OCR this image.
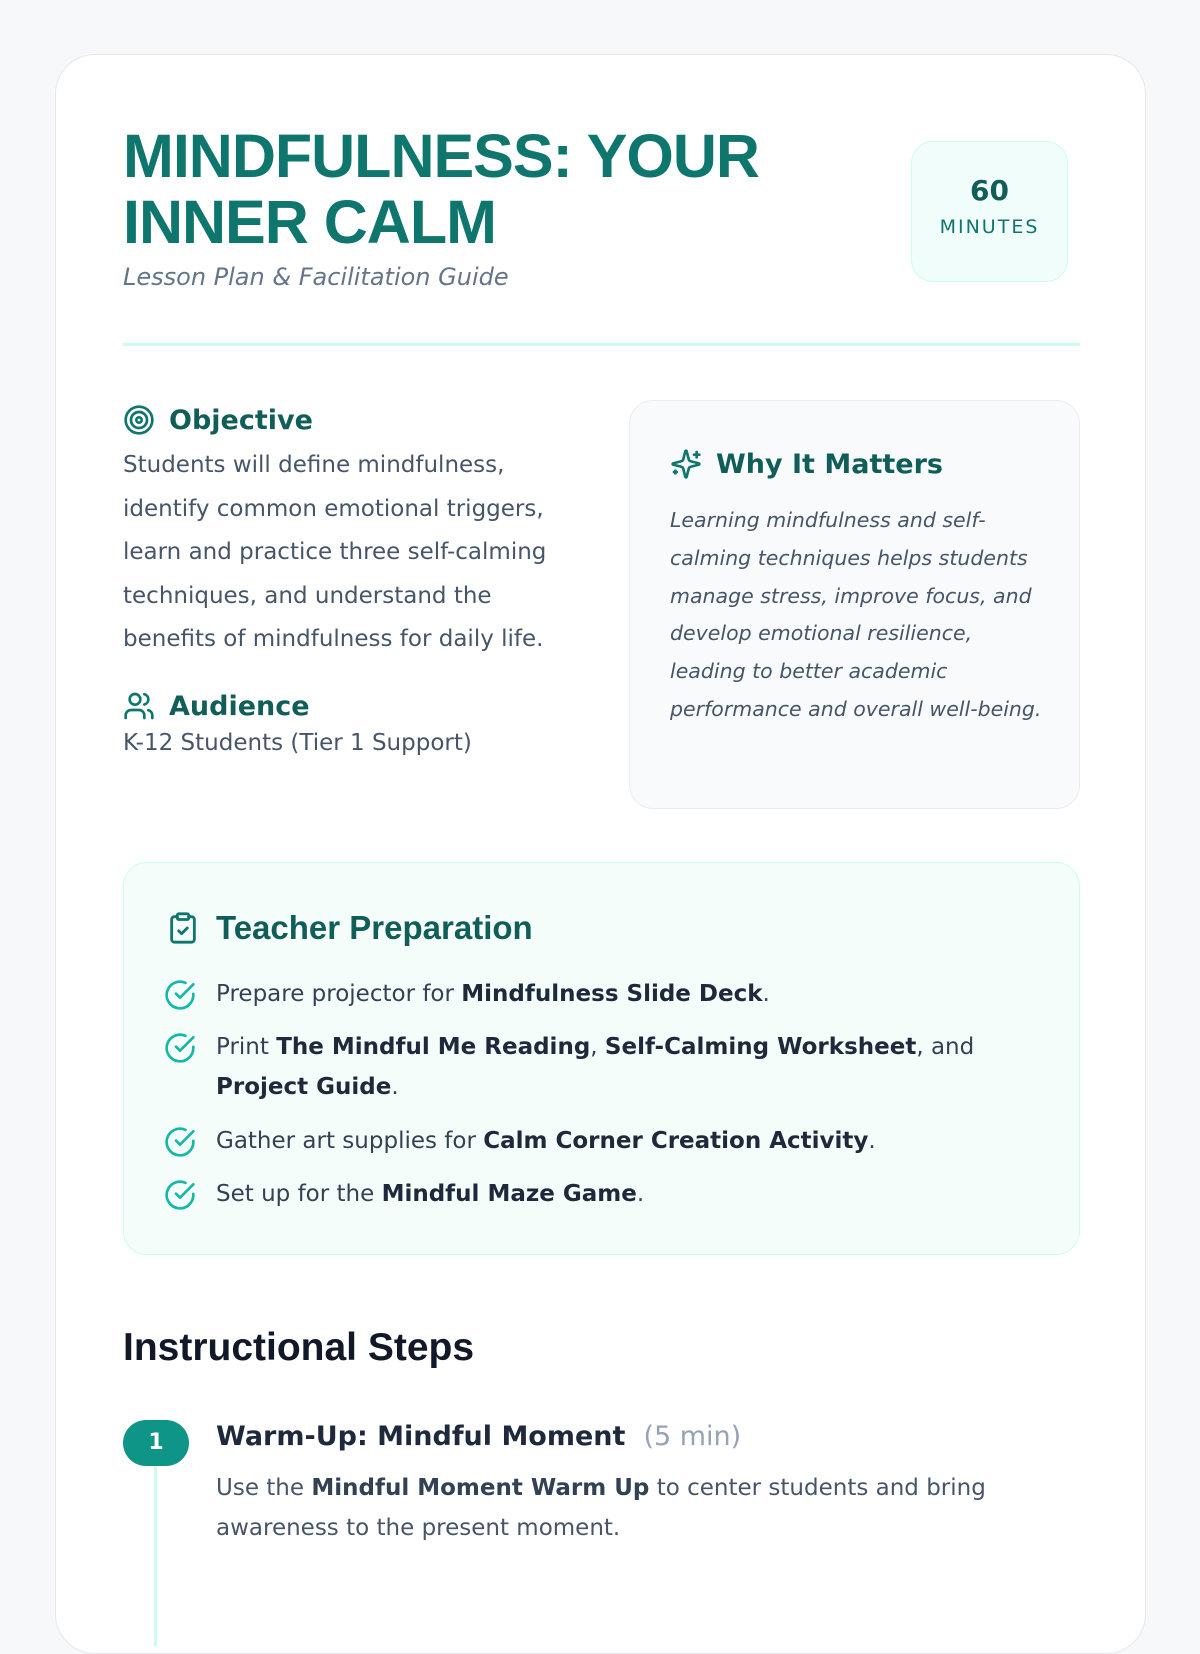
MINDFULNESS: YOUR INNER CALM
Lesson Plan & Facilitation Guide
60
MINUTES
Objective

Students will define mindfulness, identify common emotional triggers, learn and practice three self-calming techniques, and understand the benefits of mindfulness for daily life.

Audience

K-12 Students (Tier 1 Support)

Why It Matters

Learning mindfulness and self-calming techniques helps students manage stress, improve focus, and develop emotional resilience, leading to better academic performance and overall well-being.

Teacher Preparation
Prepare projector for Mindfulness Slide Deck.
Print The Mindful Me Reading, Self-Calming Worksheet, and Project Guide.
Gather art supplies for Calm Corner Creation Activity.
Set up for the Mindful Maze Game.
Instructional Steps
1	Warm-Up: Mindful Moment (5 min)

Use the Mindful Moment Warm Up to center students and bring awareness to the present moment.
